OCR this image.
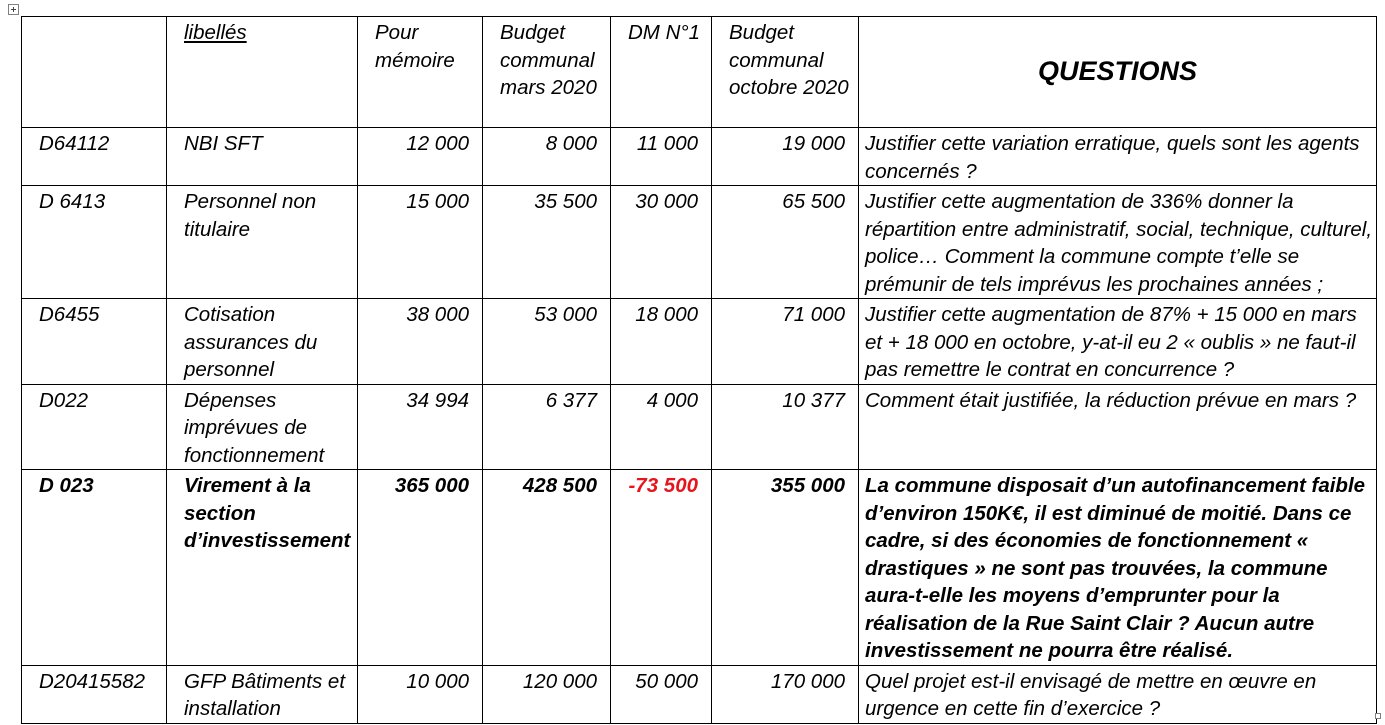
	libellés	Pour mémoire	Budget communal mars 2020	DM N°1	Budget communal octobre 2020	QUESTIONS
D64112	NBI SFT	12 000	8 000	11 000	19 000	Justifier cette variation erratique, quels sont les agents concernés ?
D 6413	Personnel non titulaire	15 000	35 500	30 000	65 500	Justifier cette augmentation de 336% donner la répartition entre administratif, social, technique, culturel, police… Comment la commune compte t’elle se prémunir de tels imprévus les prochaines années ;
D6455	Cotisation assurances du personnel	38 000	53 000	18 000	71 000	Justifier cette augmentation de 87% + 15 000 en mars et + 18 000 en octobre, y-at-il eu 2 « oublis » ne faut-il pas remettre le contrat en concurrence ?
D022	Dépenses imprévues de fonctionnement	34 994	6 377	4 000	10 377	Comment était justifiée, la réduction prévue en mars ?
D 023	Virement à la section d’investissement	365 000	428 500	-73 500	355 000	La commune disposait d’un autofinancement faible d’environ 150K€, il est diminué de moitié. Dans ce cadre, si des économies de fonctionnement « drastiques » ne sont pas trouvées, la commune aura-t-elle les moyens d’emprunter pour la réalisation de la Rue Saint Clair ? Aucun autre investissement ne pourra être réalisé.
D20415582	GFP Bâtiments et installation	10 000	120 000	50 000	170 000	Quel projet est-il envisagé de mettre en œuvre en urgence en cette fin d’exercice ?
